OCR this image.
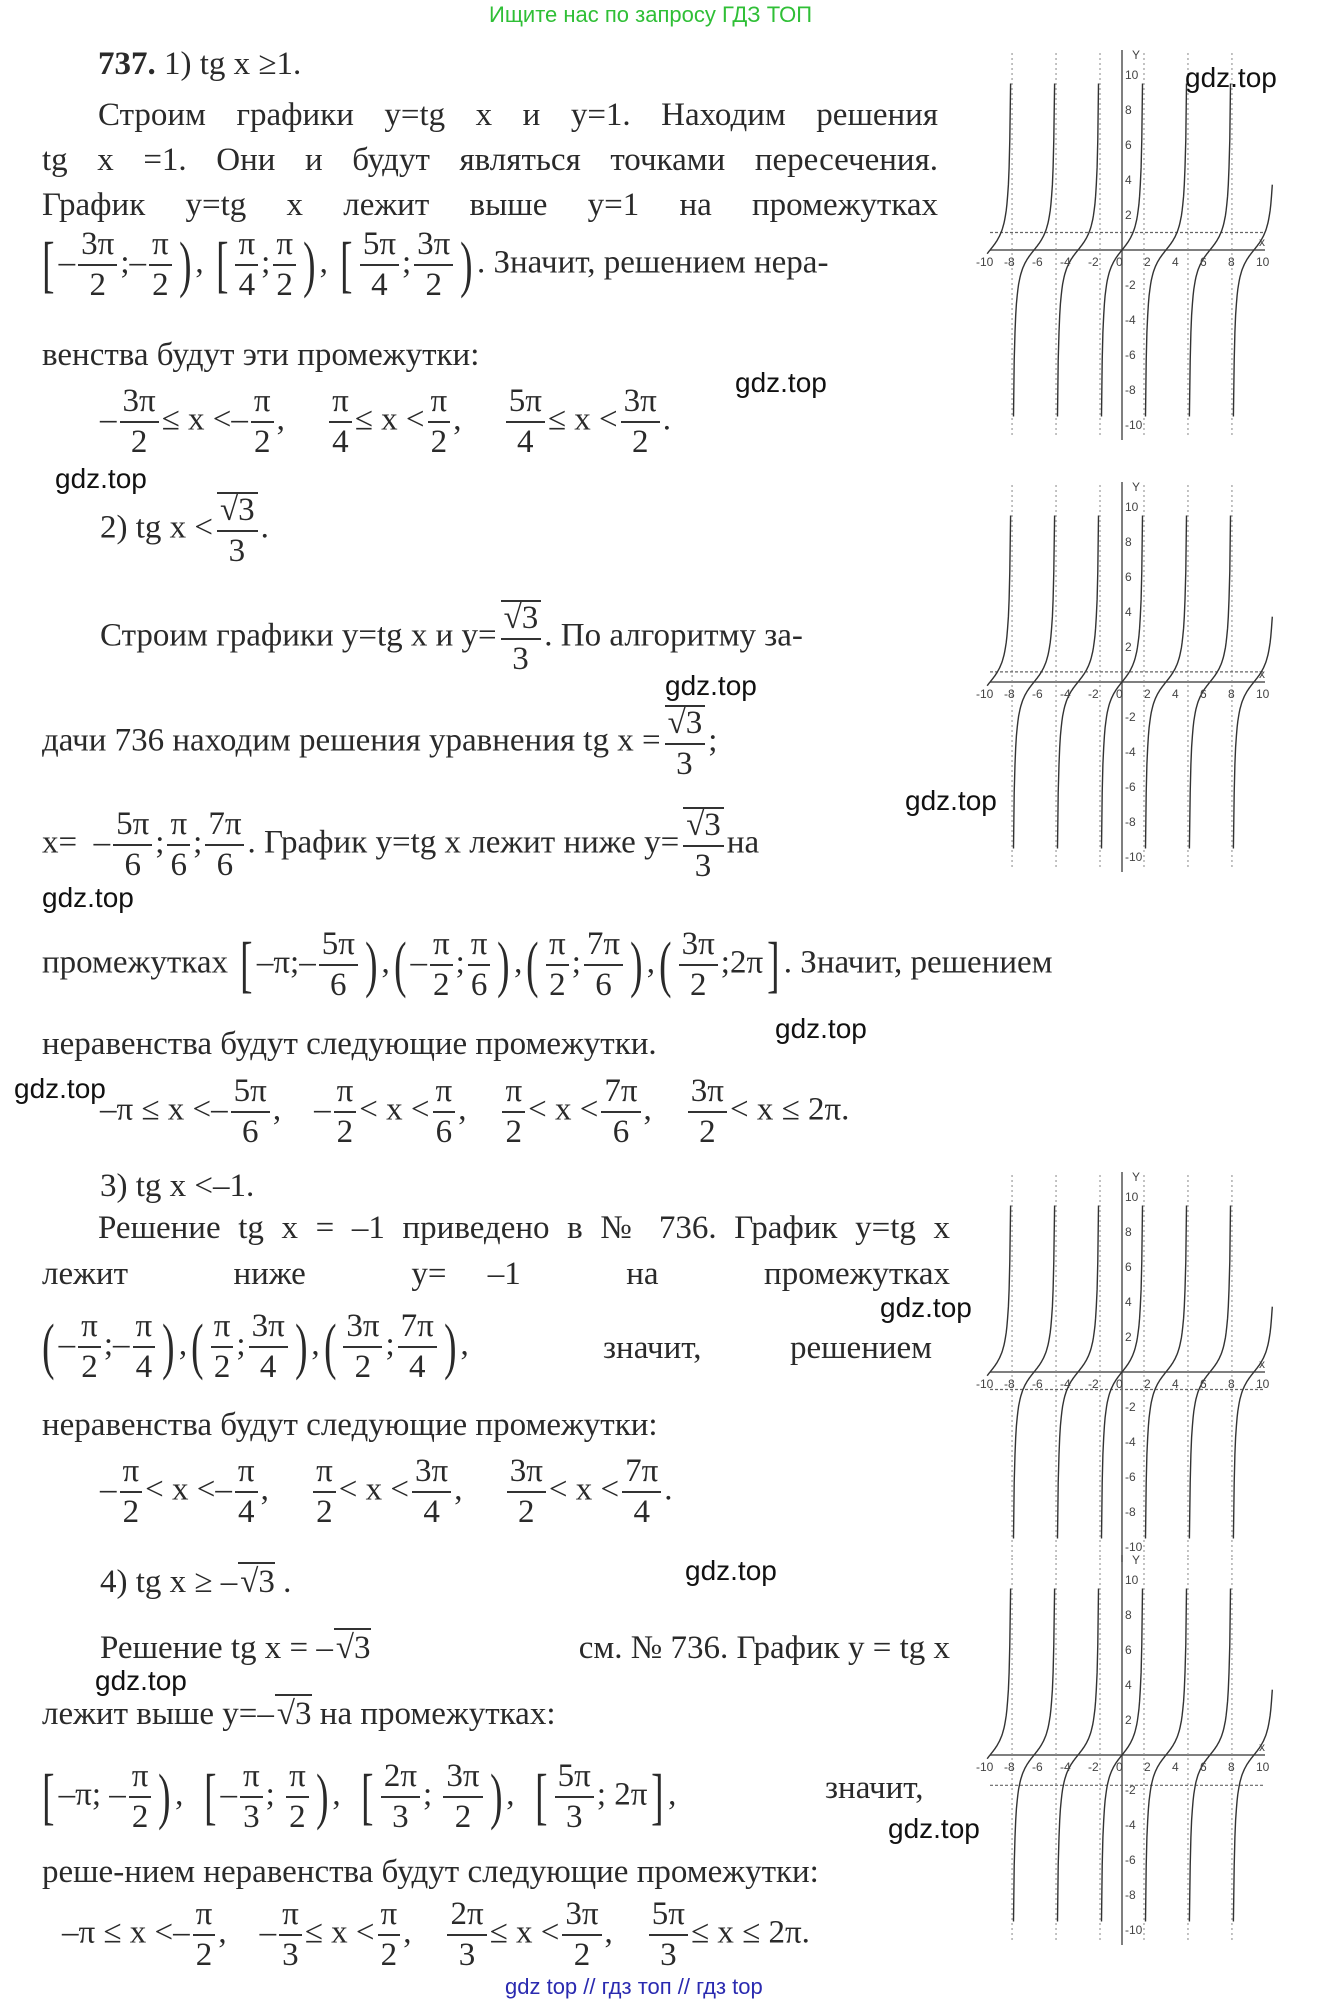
Ищите нас по запросу ГДЗ ТОП
gdz top // гдз топ // гдз top
-10 -8 -6 -4 -2 0 2 4 6 8 10
10
8
6
4
2
-2
-4
-6
-8
-10
x
Y
-10 -8 -6 -4 -2 0 2 4 6 8 10
10
8
6
4
2
-2
-4
-6
-8
-10
x
Y
-10 -8 -6 -4 -2 0 2 4 6 8 10
10
8
6
4
2
-2
-4
-6
-8
-10
x
Y
-10 -8 -6 -4 -2 0 2 4 6 8 10
10
8
6
4
2
-2
-4
-6
-8
-10
x
Y
737. 1) tg x ≥1.
Строим графики y=tg x и y=1. Находим решения
tg x =1. Они и будут являться точками пересечения.
График y=tg x лежит выше y=1 на промежутках
[ – $\frac{3\pi}{2}$ ;– $\frac{\pi}{2}$ ) , [ $\frac{\pi}{4}$ ; $\frac{\pi}{2}$ ) , [ $\frac{5\pi}{4}$ ; $\frac{3\pi}{2}$ ) . Значит, решением нера-
венства будут эти промежутки:
– $\frac{3\pi}{2} \le x <- \frac{\pi}{2}$ , $\frac{\pi}{4} \le x < \frac{\pi}{2}$ , $\frac{5\pi}{4} \le x < \frac{3\pi}{2}$ .
2) tg $x < \frac{√3}{3}$ .
Строим графики y=tg x и $y= \frac{√3}{3}$ . По алгоритму за-
дачи 736 находим решения уравнения tg $x = \frac{√3}{3}$ ;
$x= - \frac{5\pi}{6}$ ; $\frac{\pi}{6}$ ; $\frac{7\pi}{6}$ . График y=tg x лежит ниже $y= \frac{√3}{3}$ на
промежутках [ –π;– $\frac{5\pi}{6}$ ) ,( – $\frac{\pi}{2}$ ; $\frac{\pi}{6}$ ) ,( $\frac{\pi}{2}$ ; $\frac{7\pi}{6}$ ) ,( $\frac{3\pi}{2}$ ;2π] . Значит, решением
неравенства будут следующие промежутки.
$-\pi \le x <- \frac{5\pi}{6}$ , – $\frac{\pi}{2} < x < \frac{\pi}{6}$ , $\frac{\pi}{2} < x < \frac{7\pi}{6}$ , $\frac{3\pi}{2} < x \le 2\pi$.
3) tg x <–1.
Решение tg x = –1 приведено в № 736. График y=tg x
лежит	ниже	y= –1	на	промежутках
( – $\frac{\pi}{2}$ ;– $\frac{\pi}{4}$ ) ,( $\frac{\pi}{2}$ ; $\frac{3\pi}{4}$ ) ,( $\frac{3\pi}{2}$ ; $\frac{7\pi}{4}$ ) ,	значит,	решением
неравенства будут следующие промежутки:
– $\frac{\pi}{2} < x <- \frac{\pi}{4}$ , $\frac{\pi}{2} < x < \frac{3\pi}{4}$ , $\frac{3\pi}{2} < x < \frac{7\pi}{4}$ .
4) tg x ≥ –√3 .
Решение tg x = –√3	см. № 736. График y = tg x
лежит выше y=–√3 на промежутках:
[ –π; – $\frac{\pi}{2}$ ) , [ – $\frac{\pi}{3}$ ; $\frac{\pi}{2}$ ) , [ $\frac{2\pi}{3}$ ; $\frac{3\pi}{2}$ ) , [ $\frac{5\pi}{3}$ ; 2π] ,	значит,
реше-нием неравенства будут следующие промежутки:
$-\pi \le x <- \frac{\pi}{2}$ , – $\frac{\pi}{3} \le x < \frac{\pi}{2}$ , $\frac{2\pi}{3} \le x < \frac{3\pi}{2}$ , $\frac{5\pi}{3} \le x \le 2\pi$.
gdz.top
gdz.top
gdz.top
gdz.top
gdz.top
gdz.top
gdz.top
gdz.top
gdz.top
gdz.top
gdz.top
gdz.top
